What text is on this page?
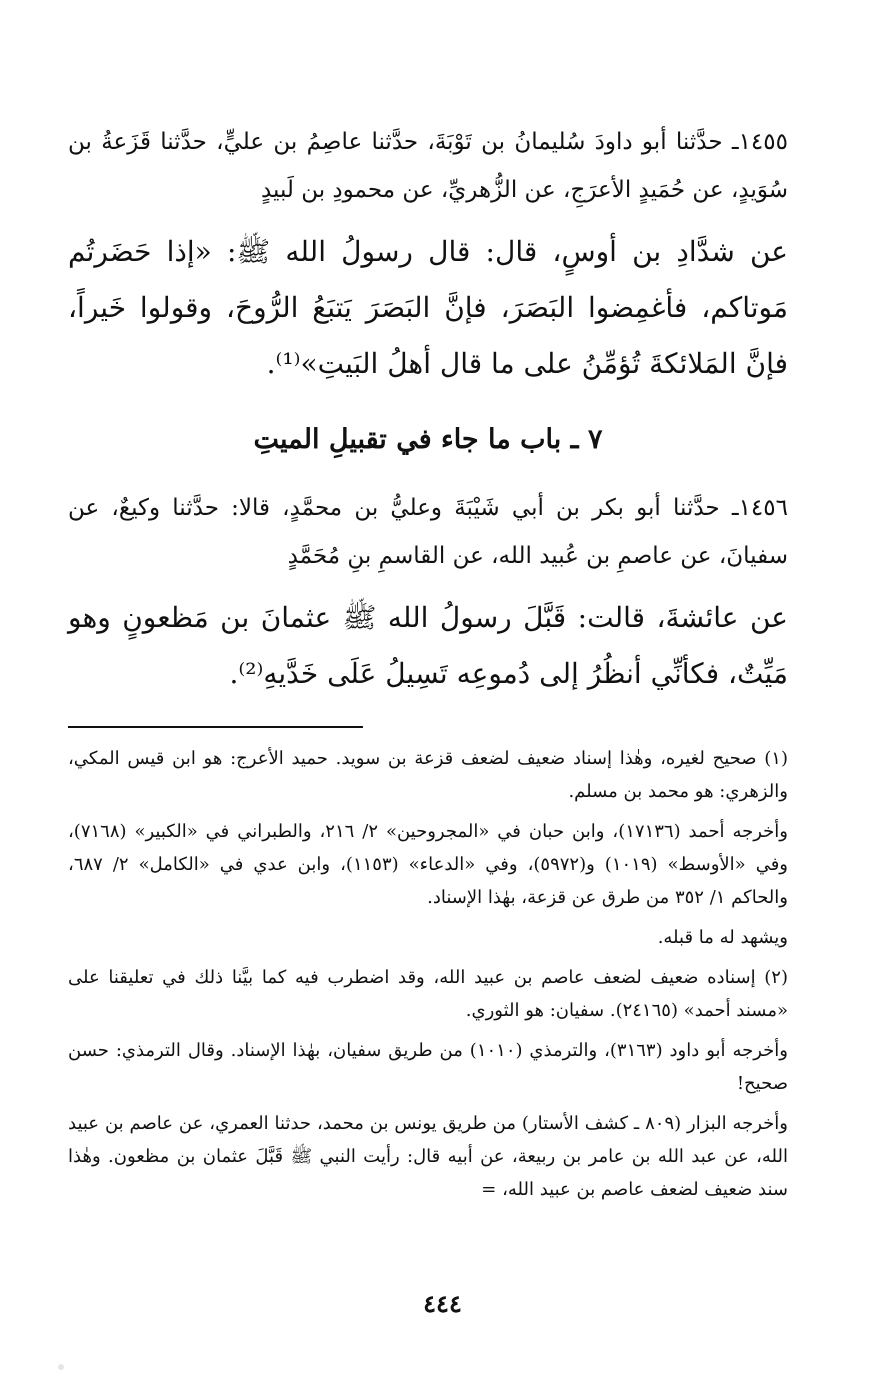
١٤٥٥ـ حدَّثنا أبو داودَ سُليمانُ بن تَوْبَةَ، حدَّثنا عاصِمُ بن عليٍّ، حدَّثنا قَزَعةُ بن سُوَيدٍ، عن حُمَيدٍ الأعرَجِ، عن الزُّهريِّ، عن محمودِ بن لَبيدٍ

عن شدَّادِ بن أوسٍ، قال: قال رسولُ الله ﷺ: «إذا حَضَرتُم مَوتاكم، فأغمِضوا البَصَرَ، فإنَّ البَصَرَ يَتبَعُ الرُّوحَ، وقولوا خَيراً، فإنَّ المَلائكةَ تُؤمِّنُ على ما قال أهلُ البَيتِ»⁽¹⁾.

٧ ـ باب ما جاء في تقبيلِ الميتِ

١٤٥٦ـ حدَّثنا أبو بكر بن أبي شَيْبَةَ وعليُّ بن محمَّدٍ، قالا: حدَّثنا وكيعٌ، عن سفيانَ، عن عاصمِ بن عُبيد الله، عن القاسمِ بنِ مُحَمَّدٍ

عن عائشةَ، قالت: قَبَّلَ رسولُ الله ﷺ عثمانَ بن مَظعونٍ وهو مَيِّتٌ، فكأنِّي أنظُرُ إلى دُموعِه تَسِيلُ عَلَى خَدَّيهِ⁽²⁾.

(١) صحيح لغيره، وهٰذا إسناد ضعيف لضعف قزعة بن سويد. حميد الأعرج: هو ابن قيس المكي، والزهري: هو محمد بن مسلم.

وأخرجه أحمد (١٧١٣٦)، وابن حبان في «المجروحين» ٢/ ٢١٦، والطبراني في «الكبير» (٧١٦٨)، وفي «الأوسط» (١٠١٩) و(٥٩٧٢)، وفي «الدعاء» (١١٥٣)، وابن عدي في «الكامل» ٢/ ٦٨٧، والحاكم ١/ ٣٥٢ من طرق عن قزعة، بهٰذا الإسناد.

ويشهد له ما قبله.

(٢) إسناده ضعيف لضعف عاصم بن عبيد الله، وقد اضطرب فيه كما بيَّنا ذلك في تعليقنا على «مسند أحمد» (٢٤١٦٥). سفيان: هو الثوري.

وأخرجه أبو داود (٣١٦٣)، والترمذي (١٠١٠) من طريق سفيان، بهٰذا الإسناد. وقال الترمذي: حسن صحيح!

وأخرجه البزار (٨٠٩ ـ كشف الأستار) من طريق يونس بن محمد، حدثنا العمري، عن عاصم بن عبيد الله، عن عبد الله بن عامر بن ربيعة، عن أبيه قال: رأيت النبي ﷺ قَبَّلَ عثمان بن مظعون. وهٰذا سند ضعيف لضعف عاصم بن عبيد الله، =

٤٤٤
